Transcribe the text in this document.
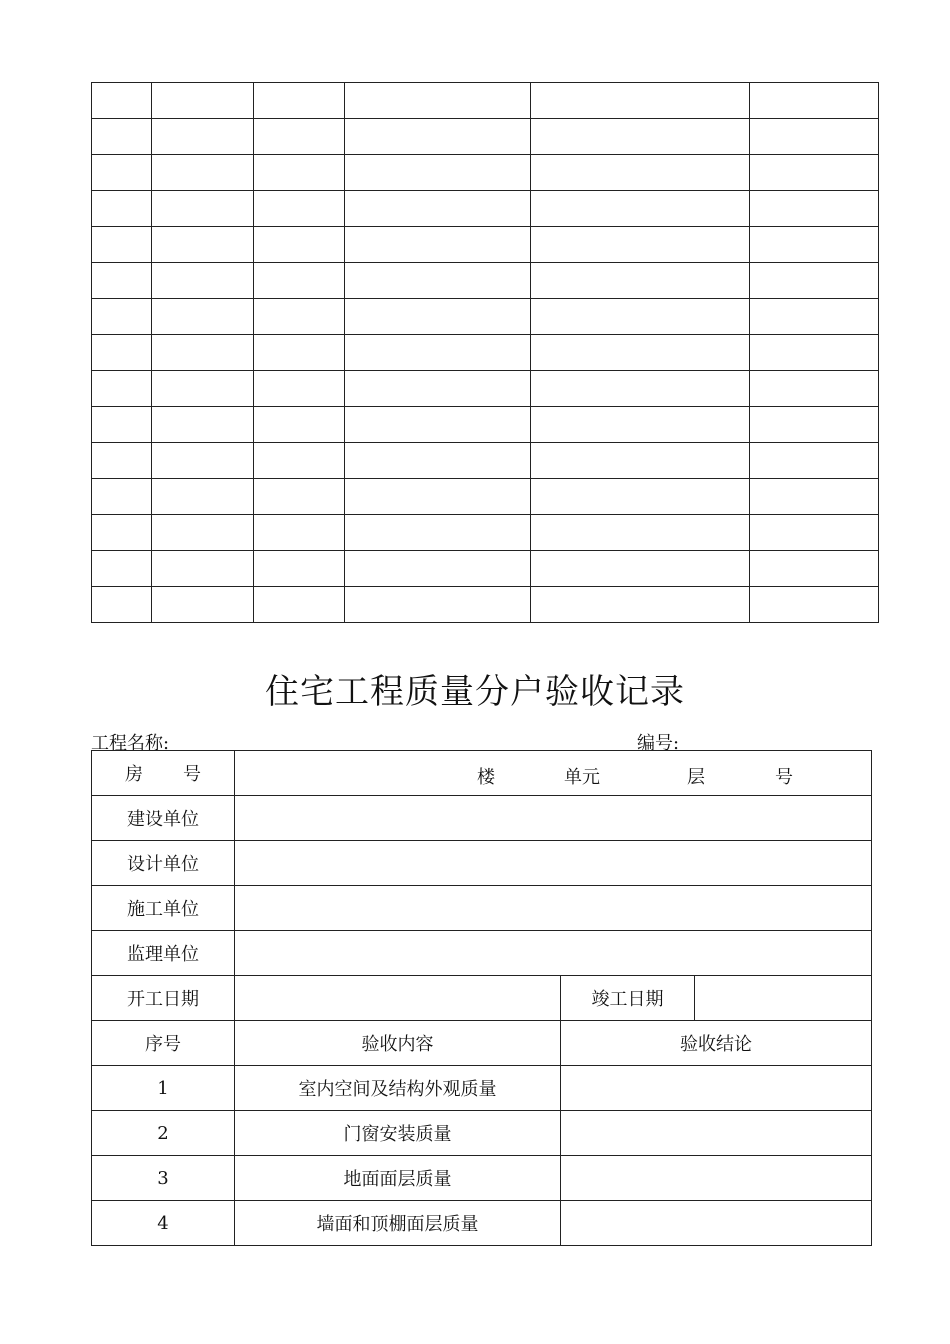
住宅工程质量分户验收记录
工程名称:	编号:
房 号	楼 单元 层 号		

建设单位			
设计单位			
施工单位			
监理单位			
开工日期		竣工日期	
序号	验收内容	验收结论	
1	室内空间及结构外观质量		
2	门窗安装质量		
3	地面面层质量		
4	墙面和顶棚面层质量		
